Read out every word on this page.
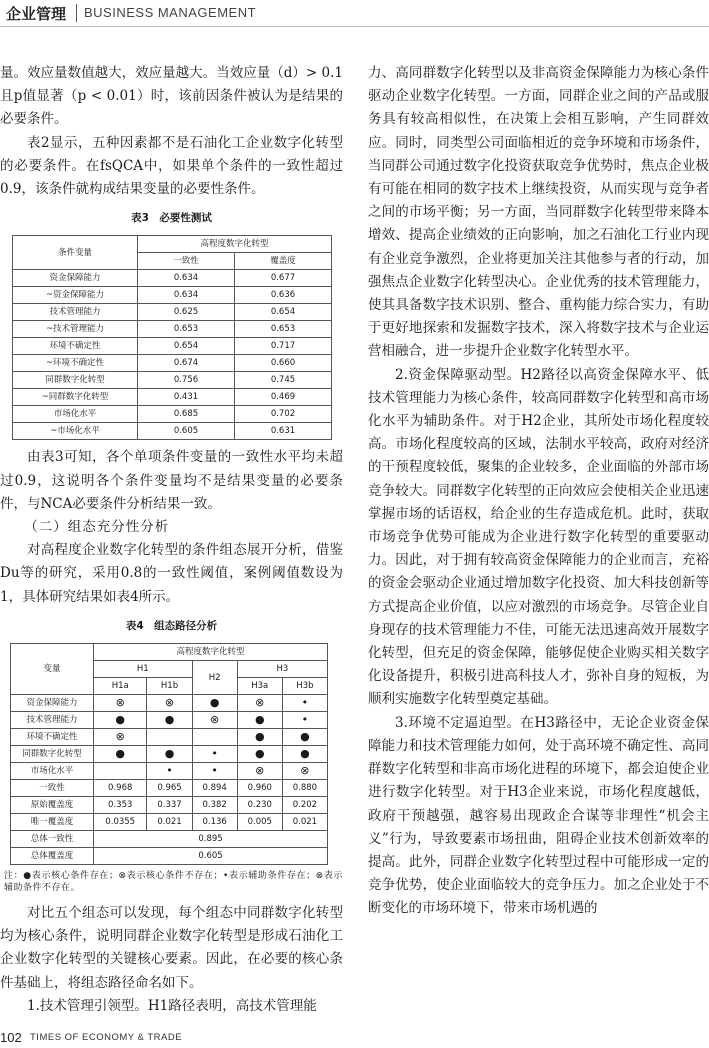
企业管理 BUSINESS MANAGEMENT

量。效应量数值越大，效应量越大。当效应量（d）> 0.1且p值显著（p < 0.01）时，该前因条件被认为是结果的必要条件。

表2显示，五种因素都不是石油化工企业数字化转型的必要条件。在fsQCA中，如果单个条件的一致性超过0.9，该条件就构成结果变量的必要性条件。

表3　必要性测试
条件变量	高程度数字化转型	
	一致性	覆盖度
资金保障能力	0.634	0.677
~资金保障能力	0.634	0.636
技术管理能力	0.625	0.654
~技术管理能力	0.653	0.653
环境不确定性	0.654	0.717
~环境不确定性	0.674	0.660
同群数字化转型	0.756	0.745
~同群数字化转型	0.431	0.469
市场化水平	0.685	0.702
~市场化水平	0.605	0.631

由表3可知，各个单项条件变量的一致性水平均未超过0.9，这说明各个条件变量均不是结果变量的必要条件，与NCA必要条件分析结果一致。

（二）组态充分性分析

对高程度企业数字化转型的条件组态展开分析，借鉴Du等的研究，采用0.8的一致性阈值，案例阈值数设为1，具体研究结果如表4所示。

表4　组态路径分析
变量	高程度数字化转型				
	H1		H2	H3	
	H1a	H1b		H3a	H3b
资金保障能力	⊗	⊗	●	⊗	•
技术管理能力	●	●	⊗	●	•
环境不确定性	⊗			●	●
同群数字化转型	●	●	•	●	●
市场化水平		•	•	⊗	⊗
一致性	0.968	0.965	0.894	0.960	0.880
原始覆盖度	0.353	0.337	0.382	0.230	0.202
唯一覆盖度	0.0355	0.021	0.136	0.005	0.021
总体一致性	0.895				
总体覆盖度	0.605				
注：●表示核心条件存在；⊗表示核心条件不存在；•表示辅助条件存在；⊗表示辅助条件不存在。

对比五个组态可以发现，每个组态中同群数字化转型均为核心条件，说明同群企业数字化转型是形成石油化工企业数字化转型的关键核心要素。因此，在必要的核心条件基础上，将组态路径命名如下。

1.技术管理引领型。H1路径表明，高技术管理能

力、高同群数字化转型以及非高资金保障能力为核心条件驱动企业数字化转型。一方面，同群企业之间的产品或服务具有较高相似性，在决策上会相互影响，产生同群效应。同时，同类型公司面临相近的竞争环境和市场条件，当同群公司通过数字化投资获取竞争优势时，焦点企业极有可能在相同的数字技术上继续投资，从而实现与竞争者之间的市场平衡；另一方面，当同群数字化转型带来降本增效、提高企业绩效的正向影响，加之石油化工行业内现有企业竞争激烈，企业将更加关注其他参与者的行动，加强焦点企业数字化转型决心。企业优秀的技术管理能力，使其具备数字技术识别、整合、重构能力综合实力，有助于更好地探索和发掘数字技术，深入将数字技术与企业运营相融合，进一步提升企业数字化转型水平。

2.资金保障驱动型。H2路径以高资金保障水平、低技术管理能力为核心条件，较高同群数字化转型和高市场化水平为辅助条件。对于H2企业，其所处市场化程度较高。市场化程度较高的区域，法制水平较高，政府对经济的干预程度较低，聚集的企业较多，企业面临的外部市场竞争较大。同群数字化转型的正向效应会使相关企业迅速掌握市场的话语权，给企业的生存造成危机。此时，获取市场竞争优势可能成为企业进行数字化转型的重要驱动力。因此，对于拥有较高资金保障能力的企业而言，充裕的资金会驱动企业通过增加数字化投资、加大科技创新等方式提高企业价值，以应对激烈的市场竞争。尽管企业自身现存的技术管理能力不佳，可能无法迅速高效开展数字化转型，但充足的资金保障，能够促使企业购买相关数字化设备提升，积极引进高科技人才，弥补自身的短板，为顺利实施数字化转型奠定基础。

3.环境不定逼迫型。在H3路径中，无论企业资金保障能力和技术管理能力如何，处于高环境不确定性、高同群数字化转型和非高市场化进程的环境下，都会迫使企业进行数字化转型。对于H3企业来说，市场化程度越低，政府干预越强，越容易出现政企合谋等非理性“机会主义”行为，导致要素市场扭曲，阻碍企业技术创新效率的提高。此外，同群企业数字化转型过程中可能形成一定的竞争优势，使企业面临较大的竞争压力。加之企业处于不断变化的市场环境下，带来市场机遇的

102 TIMES OF ECONOMY & TRADE
